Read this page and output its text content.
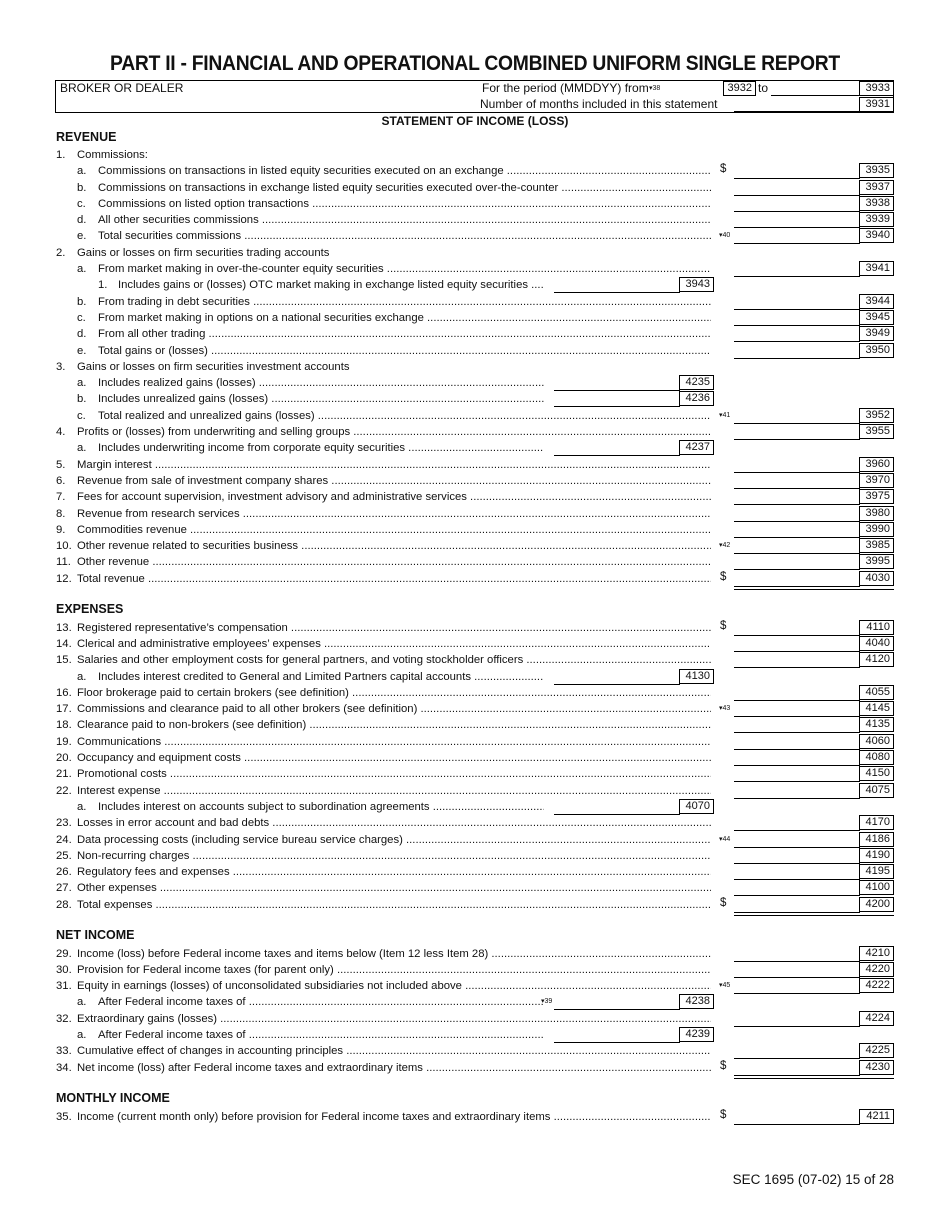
PART II - FINANCIAL AND OPERATIONAL COMBINED UNIFORM SINGLE REPORT
BROKER OR DEALER	For the period (MMDDYY) from ▾38	3932 to	3933
Number of months included in this statement	3931
STATEMENT OF INCOME (LOSS)
REVENUE
EXPENSES
NET INCOME
MONTHLY INCOME
1.	Commissions:
a. Commissions on transactions in listed equity securities executed on an exchange .....	$	3935
b. Commissions on transactions in exchange listed equity securities executed over-the-counter .....	3937
c. Commissions on listed option transactions .....	3938
d. All other securities commissions .....	3939
e. Total securities commissions .....	▾40	3940
2.	Gains or losses on firm securities trading accounts
a. From market making in over-the-counter equity securities .....	3941
1. Includes gains or (losses) OTC market making in exchange listed equity securities .....	3943
b. From trading in debt securities .....	3944
c. From market making in options on a national securities exchange .....	3945
d. From all other trading .....	3949
e. Total gains or (losses) .....	3950
3.	Gains or losses on firm securities investment accounts
a. Includes realized gains (losses) .....	4235
b. Includes unrealized gains (losses) .....	4236
c. Total realized and unrealized gains (losses) .....	▾41	3952
4.	Profits or (losses) from underwriting and selling groups .....	3955
a. Includes underwriting income from corporate equity securities .....	4237
5.	Margin interest .....	3960
6.	Revenue from sale of investment company shares .....	3970
7.	Fees for account supervision, investment advisory and administrative services .....	3975
8.	Revenue from research services .....	3980
9.	Commodities revenue .....	3990
10. Other revenue related to securities business .....	▾42	3985
11. Other revenue .....	3995
12. Total revenue .....	$	4030
13. Registered representative’s compensation .....	$	4110
14. Clerical and administrative employees’ expenses .....	4040
15. Salaries and other employment costs for general partners, and voting stockholder officers .....	4120
a. Includes interest credited to General and Limited Partners capital accounts .....	4130
16. Floor brokerage paid to certain brokers (see definition) .....	4055
17. Commissions and clearance paid to all other brokers (see definition) .....	▾43	4145
18. Clearance paid to non-brokers (see definition) .....	4135
19. Communications .....	4060
20. Occupancy and equipment costs .....	4080
21. Promotional costs .....	4150
22. Interest expense .....	4075
a. Includes interest on accounts subject to subordination agreements .....	4070
23. Losses in error account and bad debts .....	4170
24. Data processing costs (including service bureau service charges) .....	▾44	4186
25. Non-recurring charges .....	4190
26. Regulatory fees and expenses .....	4195
27. Other expenses .....	4100
28. Total expenses .....	$	4200
29. Income (loss) before Federal income taxes and items below (Item 12 less Item 28) .....	4210
30. Provision for Federal income taxes (for parent only) .....	4220
31. Equity in earnings (losses) of unconsolidated subsidiaries not included above .....	▾45	4222
a. After Federal income taxes of .....	4238
▾39
32. Extraordinary gains (losses) .....	4224
a. After Federal income taxes of .....	4239
33. Cumulative effect of changes in accounting principles .....	4225
34. Net income (loss) after Federal income taxes and extraordinary items .....	$	4230
35. Income (current month only) before provision for Federal income taxes and extraordinary items .....	$	4211
SEC 1695 (07-02) 15 of 28
